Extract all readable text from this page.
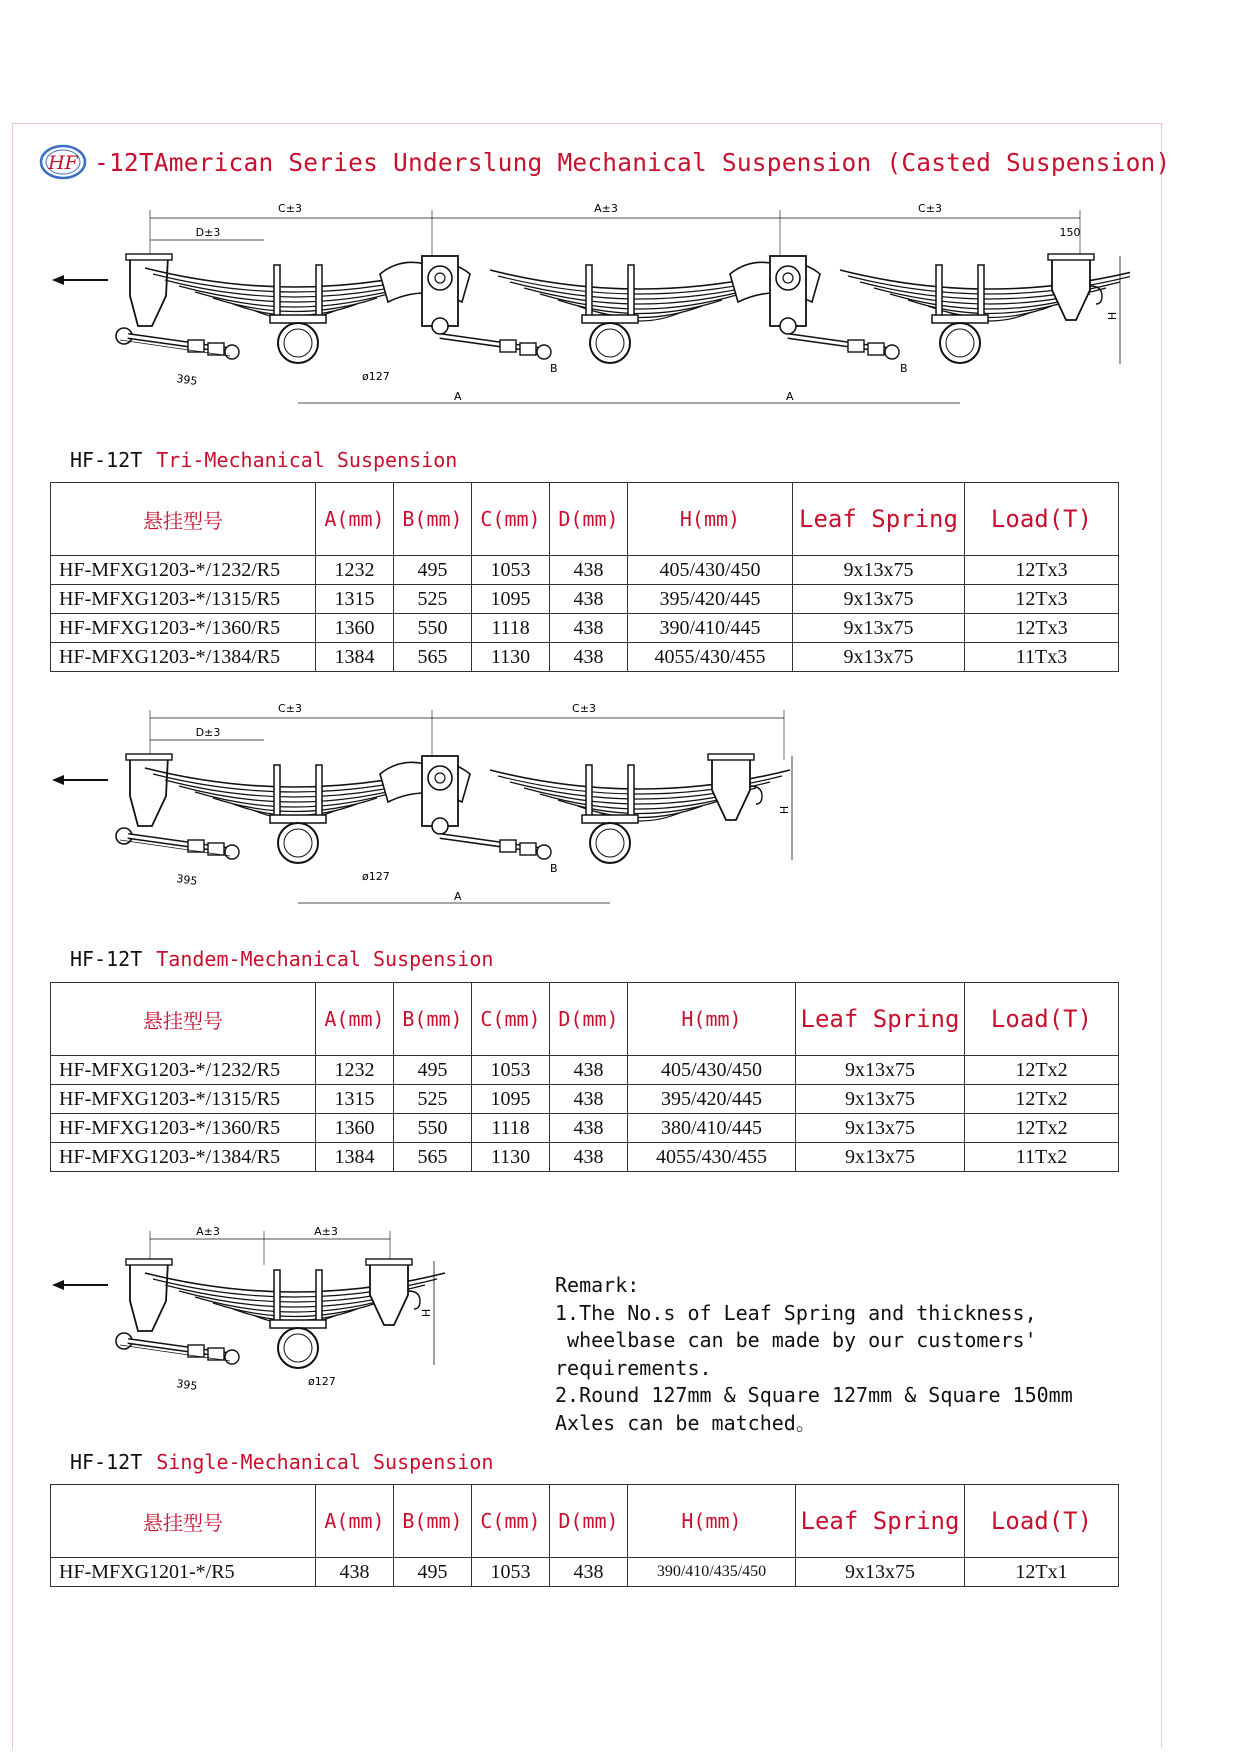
HF -12TAmerican Series Underslung Mechanical Suspension (Casted Suspension)
C±3	A±3	C±3
D±3	150
H
395	ø127
B	B
A	A
HF-12T Tri-Mechanical Suspension
悬挂型号	A(mm)	B(mm)	C(mm)	D(mm)	H(mm)	Leaf Spring	Load(T)
HF-MFXG1203-*/1232/R5	1232	495	1053	438	405/430/450	9x13x75	12Tx3
HF-MFXG1203-*/1315/R5	1315	525	1095	438	395/420/445	9x13x75	12Tx3
HF-MFXG1203-*/1360/R5	1360	550	1118	438	390/410/445	9x13x75	12Tx3
HF-MFXG1203-*/1384/R5	1384	565	1130	438	4055/430/455	9x13x75	11Tx3
C±3	C±3
D±3
H
395	ø127
B
A
HF-12T Tandem-Mechanical Suspension
悬挂型号	A(mm)	B(mm)	C(mm)	D(mm)	H(mm)	Leaf Spring	Load(T)
HF-MFXG1203-*/1232/R5	1232	495	1053	438	405/430/450	9x13x75	12Tx2
HF-MFXG1203-*/1315/R5	1315	525	1095	438	395/420/445	9x13x75	12Tx2
HF-MFXG1203-*/1360/R5	1360	550	1118	438	380/410/445	9x13x75	12Tx2
HF-MFXG1203-*/1384/R5	1384	565	1130	438	4055/430/455	9x13x75	11Tx2
A±3	A±3
H
395	ø127
Remark:
1.The No.s of Leaf Spring and thickness,
wheelbase can be made by our customers'
requirements.
2.Round 127mm & Square 127mm & Square 150mm
Axles can be matched。
HF-12T Single-Mechanical Suspension
悬挂型号	A(mm)	B(mm)	C(mm)	D(mm)	H(mm)	Leaf Spring	Load(T)
HF-MFXG1201-*/R5	438	495	1053	438	390/410/435/450	9x13x75	12Tx1
